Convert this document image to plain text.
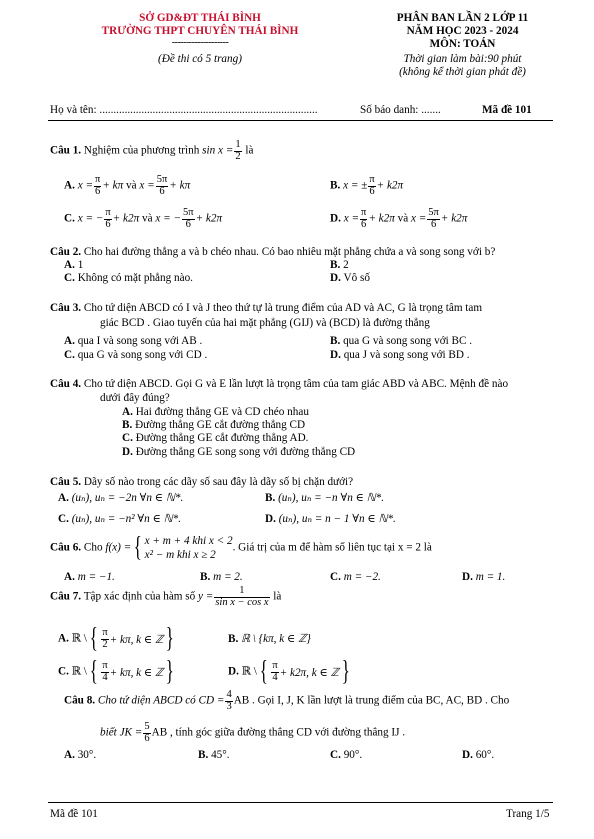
SỞ GD&ĐT THÁI BÌNH
TRƯỜNG THPT CHUYÊN THÁI BÌNH
--------------------
(Đề thi có 5 trang)
PHÂN BAN LẦN 2 LỚP 11
NĂM HỌC 2023 - 2024
MÔN: TOÁN
Thời gian làm bài:90 phút
(không kể thời gian phát đề)
Họ và tên: ..............................................................................	Số báo danh: .......	Mã đề 101
Câu 1. Nghiệm của phương trình $\sin x = \frac{1}{2}$ là
A. $x = \frac{\pi}{6} + k\pi$ và $x = \frac{5\pi}{6} + k\pi$	B. x = ± $\frac{\pi}{6} + k2\pi$
C. x = − $\frac{\pi}{6} + k2\pi$ và x = − $\frac{5\pi}{6} + k2\pi$	D. $x = \frac{\pi}{6} + k2\pi$ và $x = \frac{5\pi}{6} + k2\pi$
Câu 2. Cho hai đường thẳng a và b chéo nhau. Có bao nhiêu mặt phẳng chứa a và song song với b?
A. 1	B. 2
C. Không có mặt phẳng nào.	D. Vô số
Câu 3. Cho tứ diện ABCD có I và J theo thứ tự là trung điểm của AD và AC, G là trọng tâm tam
giác BCD . Giao tuyến của hai mặt phẳng (GIJ) và (BCD) là đường thẳng
A. qua I và song song với AB .	B. qua G và song song với BC .
C. qua G và song song với CD .	D. qua J và song song với BD .
Câu 4. Cho tứ diện ABCD. Gọi G và E lần lượt là trọng tâm của tam giác ABD và ABC. Mệnh đề nào
dưới đây đúng?
A. Hai đường thẳng GE và CD chéo nhau
B. Đường thẳng GE cắt đường thẳng CD
C. Đường thẳng GE cắt đường thẳng AD.
D. Đường thẳng GE song song với đường thẳng CD
Câu 5. Dãy số nào trong các dãy số sau đây là dãy số bị chặn dưới?
A. (uₙ), uₙ = −2n ∀n ∈ ℕ*.	B. (uₙ), uₙ = −n ∀n ∈ ℕ*.
C. (uₙ), uₙ = −n² ∀n ∈ ℕ*.	D. (uₙ), uₙ = n − 1 ∀n ∈ ℕ*.
Câu 6. Cho f(x) ={ x + m + 4 khi x < 2
x² − m khi x ≥ 2
. Giá trị của m để hàm số liên tục tại x = 2 là
A. m = −1.	B. m = 2.	C. m = −2.	D. m = 1.
Câu 7. Tập xác định của hàm số $y = \frac{1}{\text{sin x − cos x}}$ là
A. ℝ \{ $\frac{\pi}{2} + k\pi$, k ∈ ℤ}	B. ℝ \ {kπ, k ∈ ℤ}
C. ℝ \{ $\frac{\pi}{4} + k\pi$, k ∈ ℤ}	D. ℝ \{ $\frac{\pi}{4} + k2\pi$, k ∈ ℤ}
Câu 8. Cho tứ diện ABCD có CD = $\frac{4}{3}$ AB . Gọi I, J, K lần lượt là trung điểm của BC, AC, BD . Cho
biết JK = $\frac{5}{6}$ AB , tính góc giữa đường thẳng CD với đường thẳng IJ .
A. 30°.	B. 45°.	C. 90°.	D. 60°.
Mã đề 101	Trang 1/5
